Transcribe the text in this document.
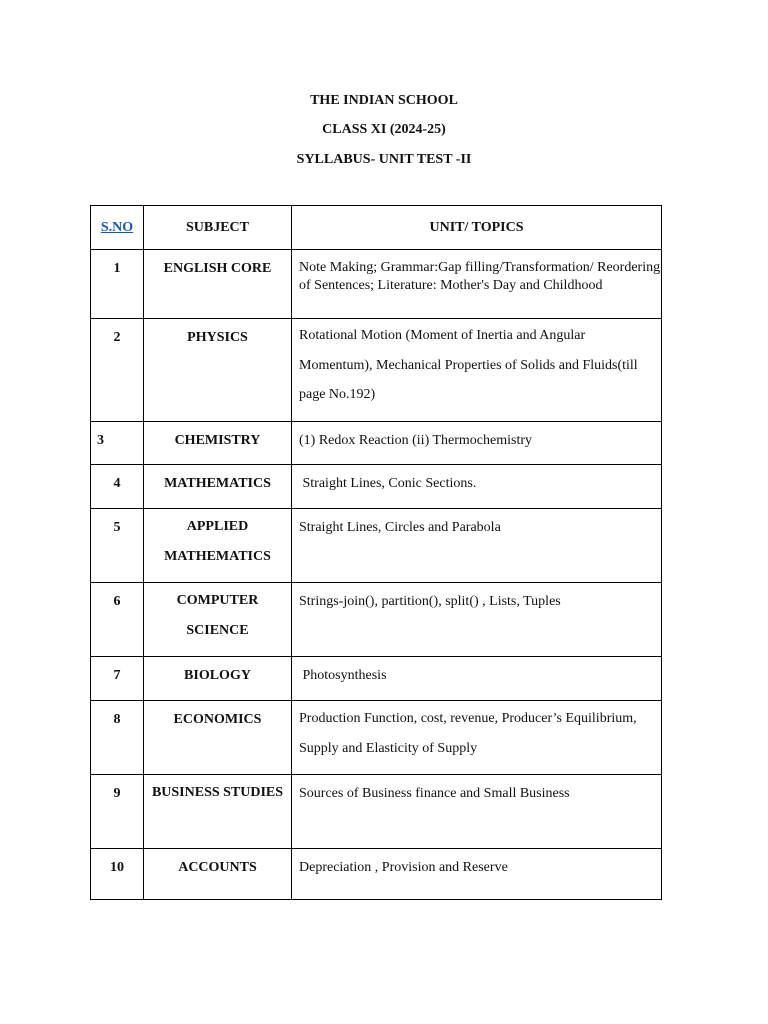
THE INDIAN SCHOOL
CLASS XI (2024-25)
SYLLABUS- UNIT TEST -II
S.NO	SUBJECT	UNIT/ TOPICS

1	ENGLISH CORE	Note Making; Grammar:Gap filling/Transformation/ Reordering of Sentences; Literature: Mother's Day and Childhood

2	PHYSICS	Rotational Motion (Moment of Inertia and Angular Momentum), Mechanical Properties of Solids and Fluids(till page No.192)

3	CHEMISTRY	(1) Redox Reaction (ii) Thermochemistry

4	MATHEMATICS	Straight Lines, Conic Sections.

5	APPLIED MATHEMATICS	Straight Lines, Circles and Parabola

6	COMPUTER SCIENCE	Strings-join(), partition(), split() , Lists, Tuples

7	BIOLOGY	Photosynthesis

8	ECONOMICS	Production Function, cost, revenue, Producer’s Equilibrium,  Supply and Elasticity of Supply

9	BUSINESS STUDIES	Sources of Business finance and Small Business

10	ACCOUNTS	Depreciation , Provision and Reserve
